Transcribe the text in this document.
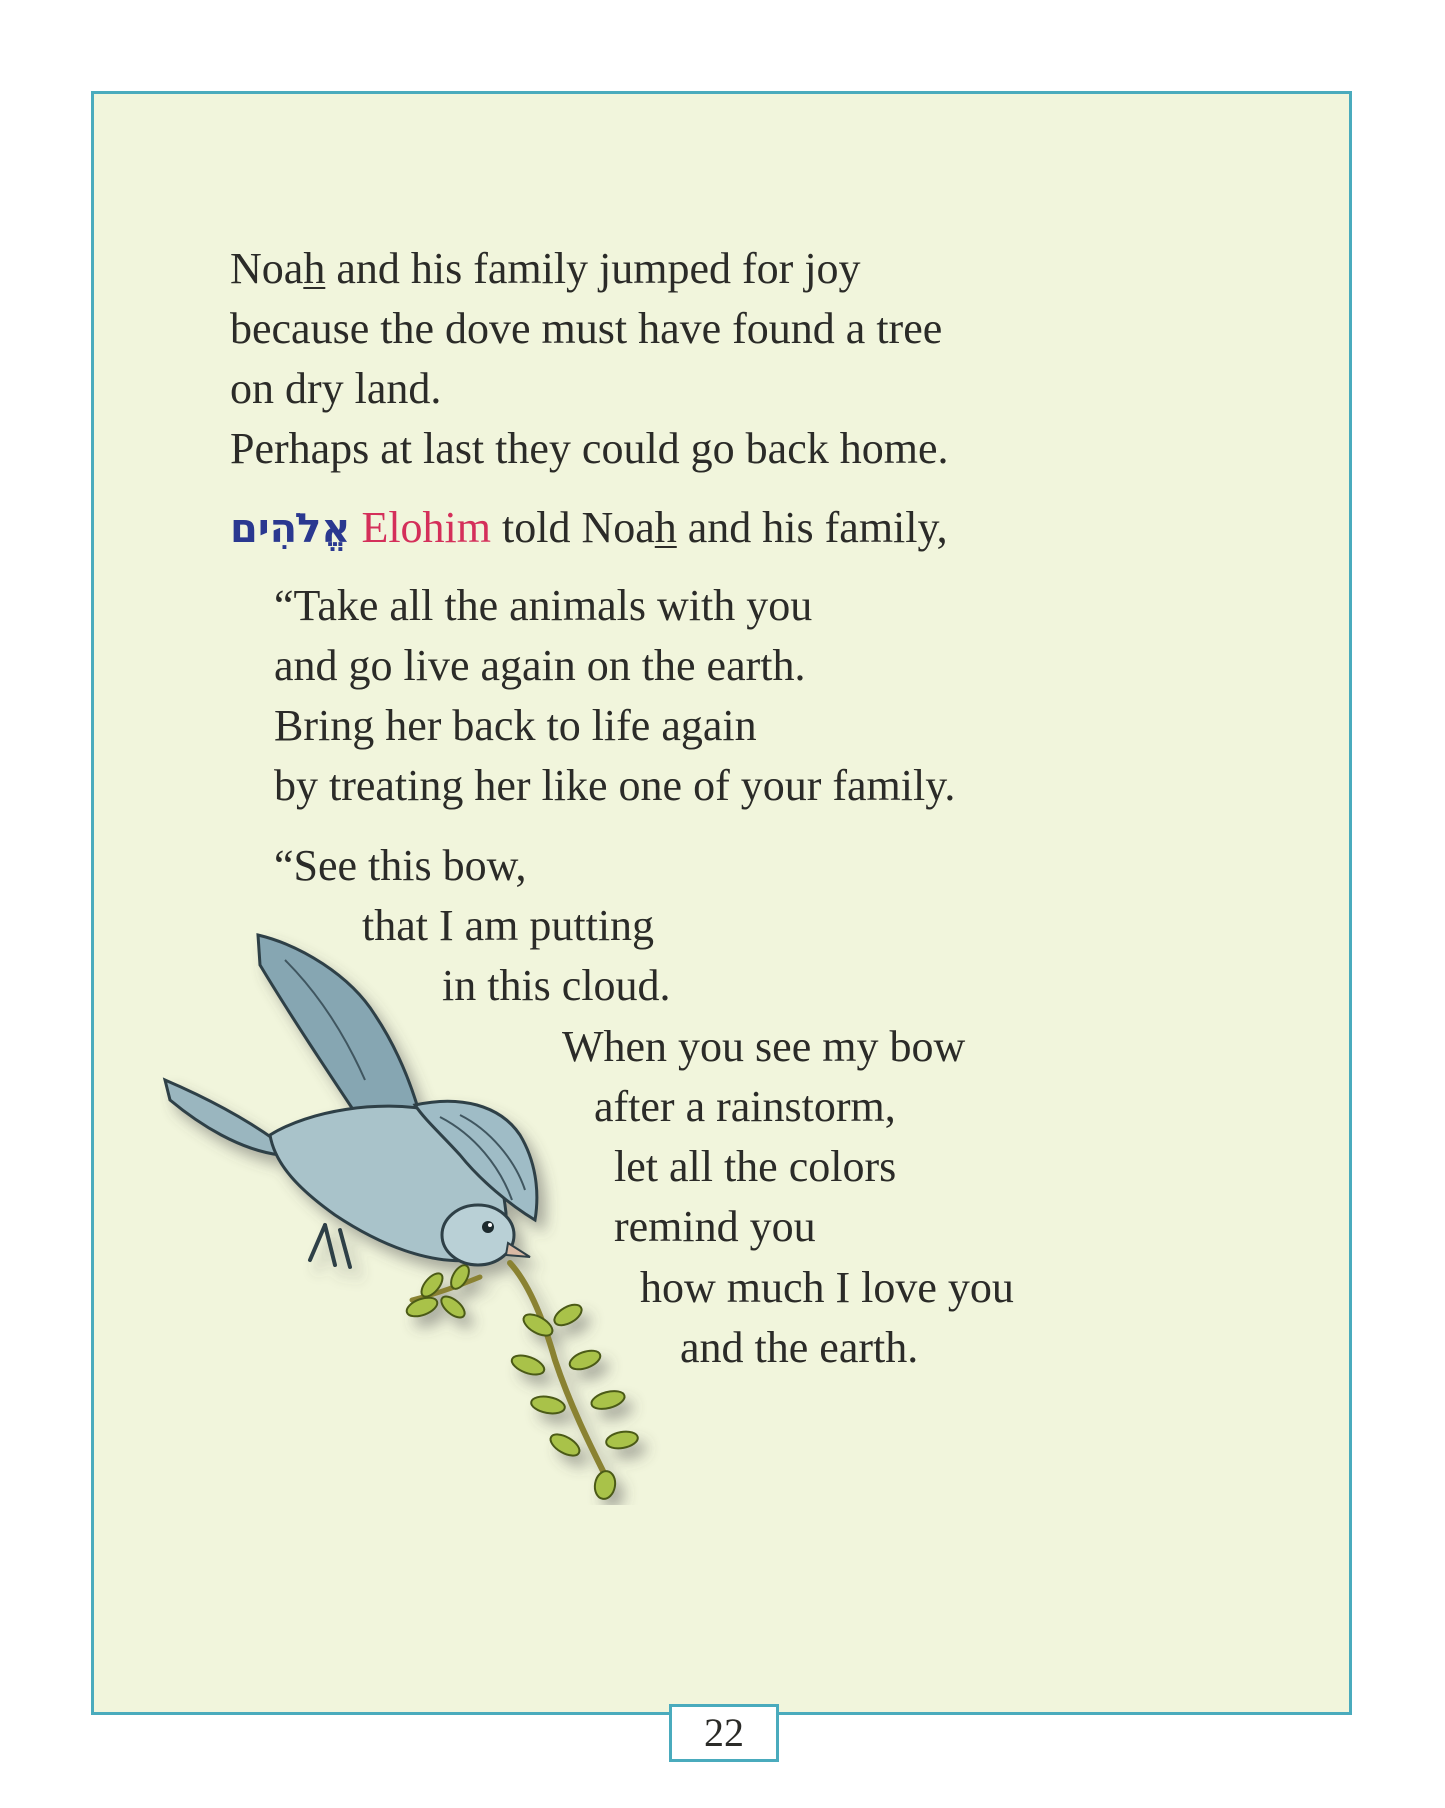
Noah and his family jumped for joy
because the dove must have found a tree
on dry land.
Perhaps at last they could go back home.
אֱלֹהִים Elohim told Noah and his family,
“Take all the animals with you
and go live again on the earth.
Bring her back to life again
by treating her like one of your family.
“See this bow,
that I am putting
in this cloud.
When you see my bow
after a rainstorm,
let all the colors
remind you
how much I love you
and the earth.
22
